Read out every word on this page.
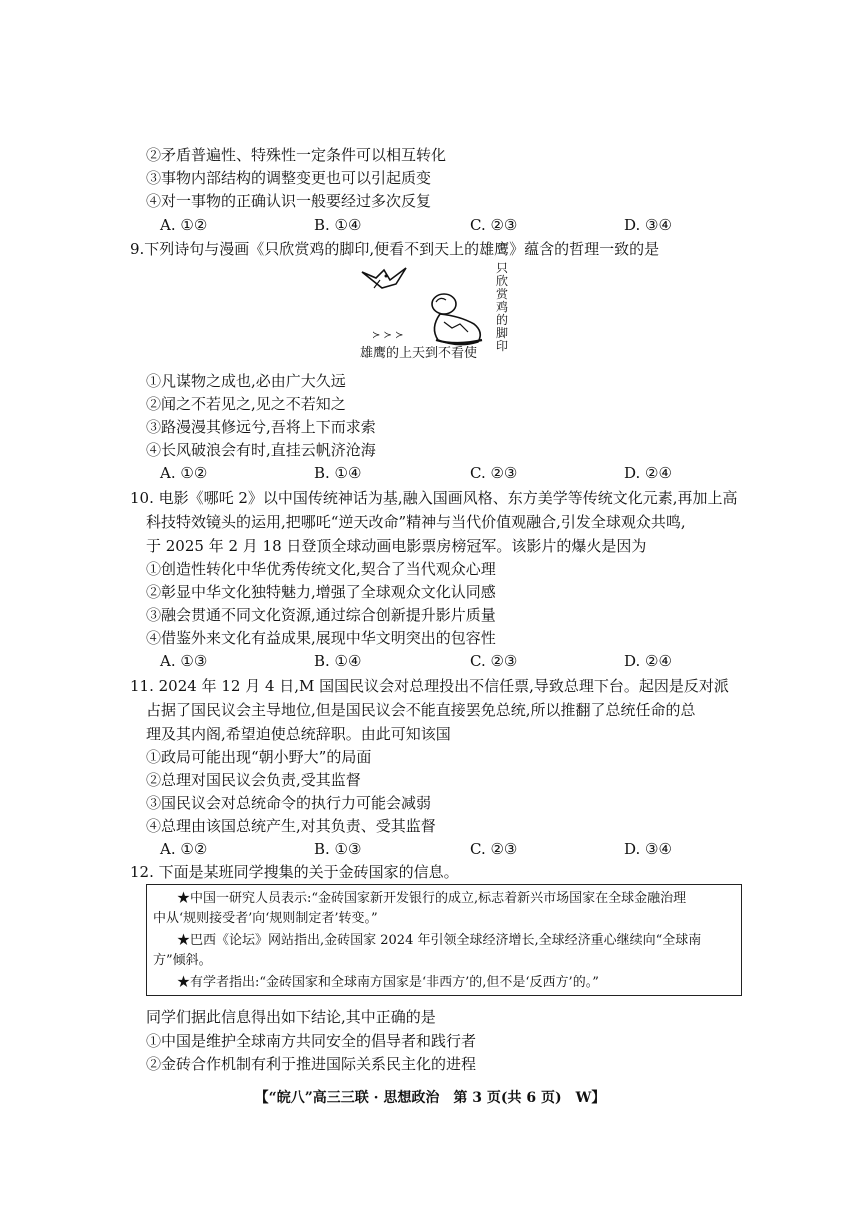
②矛盾普遍性、特殊性一定条件可以相互转化
③事物内部结构的调整变更也可以引起质变
④对一事物的正确认识一般要经过多次反复
A. ①②	B. ①④	C. ②③	D. ③④
9.下列诗句与漫画《只欣赏鸡的脚印,便看不到天上的雄鹰》蕴含的哲理一致的是
≻ ≻ ≻
只欣赏鸡的脚印
雄鹰的上天到不看使
①凡谋物之成也,必由广大久远
②闻之不若见之,见之不若知之
③路漫漫其修远兮,吾将上下而求索
④长风破浪会有时,直挂云帆济沧海
A. ①②	B. ①④	C. ②③	D. ②④
10. 电影《哪吒 2》以中国传统神话为基,融入国画风格、东方美学等传统文化元素,再加上高
科技特效镜头的运用,把哪吒“逆天改命”精神与当代价值观融合,引发全球观众共鸣,
于 2025 年 2 月 18 日登顶全球动画电影票房榜冠军。该影片的爆火是因为
①创造性转化中华优秀传统文化,契合了当代观众心理
②彰显中华文化独特魅力,增强了全球观众文化认同感
③融会贯通不同文化资源,通过综合创新提升影片质量
④借鉴外来文化有益成果,展现中华文明突出的包容性
A. ①③	B. ①④	C. ②③	D. ②④
11. 2024 年 12 月 4 日,M 国国民议会对总理投出不信任票,导致总理下台。起因是反对派
占据了国民议会主导地位,但是国民议会不能直接罢免总统,所以推翻了总统任命的总
理及其内阁,希望迫使总统辞职。由此可知该国
①政局可能出现“朝小野大”的局面
②总理对国民议会负责,受其监督
③国民议会对总统命令的执行力可能会减弱
④总理由该国总统产生,对其负责、受其监督
A. ①②	B. ①③	C. ②③	D. ③④
12. 下面是某班同学搜集的关于金砖国家的信息。
★中国一研究人员表示:“金砖国家新开发银行的成立,标志着新兴市场国家在全球金融治理
中从‘规则接受者’向‘规则制定者’转变。”
★巴西《论坛》网站指出,金砖国家 2024 年引领全球经济增长,全球经济重心继续向“全球南
方”倾斜。
★有学者指出:“金砖国家和全球南方国家是‘非西方’的,但不是‘反西方’的。”
同学们据此信息得出如下结论,其中正确的是
①中国是维护全球南方共同安全的倡导者和践行者
②金砖合作机制有利于推进国际关系民主化的进程
【“皖八”高三三联 · 思想政治　第 3 页(共 6 页)　W】
